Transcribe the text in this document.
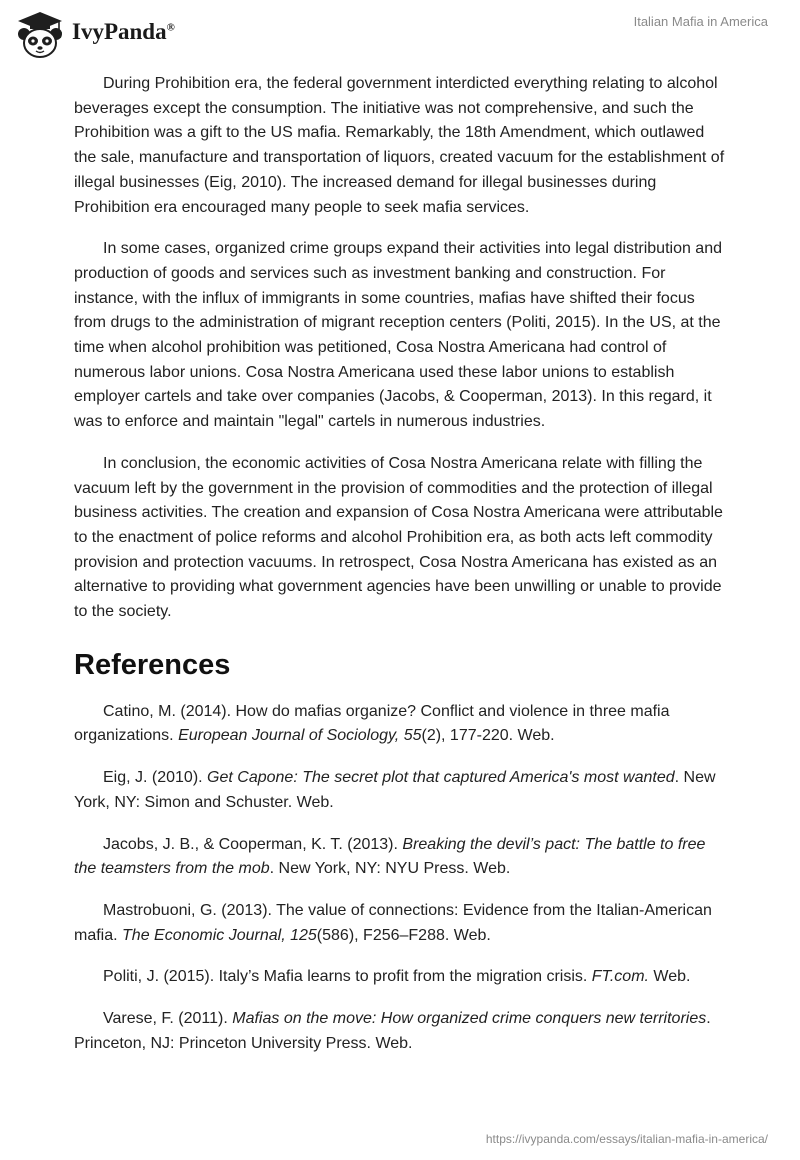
IvyPanda®	Italian Mafia in America

During Prohibition era, the federal government interdicted everything relating to alcohol beverages except the consumption. The initiative was not comprehensive, and such the Prohibition was a gift to the US mafia. Remarkably, the 18th Amendment, which outlawed the sale, manufacture and transportation of liquors, created vacuum for the establishment of illegal businesses (Eig, 2010). The increased demand for illegal businesses during Prohibition era encouraged many people to seek mafia services.

In some cases, organized crime groups expand their activities into legal distribution and production of goods and services such as investment banking and construction. For instance, with the influx of immigrants in some countries, mafias have shifted their focus from drugs to the administration of migrant reception centers (Politi, 2015). In the US, at the time when alcohol prohibition was petitioned, Cosa Nostra Americana had control of numerous labor unions. Cosa Nostra Americana used these labor unions to establish employer cartels and take over companies (Jacobs, & Cooperman, 2013). In this regard, it was to enforce and maintain "legal" cartels in numerous industries.

In conclusion, the economic activities of Cosa Nostra Americana relate with filling the vacuum left by the government in the provision of commodities and the protection of illegal business activities. The creation and expansion of Cosa Nostra Americana were attributable to the enactment of police reforms and alcohol Prohibition era, as both acts left commodity provision and protection vacuums. In retrospect, Cosa Nostra Americana has existed as an alternative to providing what government agencies have been unwilling or unable to provide to the society.

References

Catino, M. (2014). How do mafias organize? Conflict and violence in three mafia organizations. European Journal of Sociology, 55(2), 177-220. Web.

Eig, J. (2010). Get Capone: The secret plot that captured America's most wanted. New York, NY: Simon and Schuster. Web.

Jacobs, J. B., & Cooperman, K. T. (2013). Breaking the devil’s pact: The battle to free the teamsters from the mob. New York, NY: NYU Press. Web.

Mastrobuoni, G. (2013). The value of connections: Evidence from the Italian-American mafia. The Economic Journal, 125(586), F256–F288. Web.

Politi, J. (2015). Italy’s Mafia learns to profit from the migration crisis. FT.com. Web.

Varese, F. (2011). Mafias on the move: How organized crime conquers new territories. Princeton, NJ: Princeton University Press. Web.

https://ivypanda.com/essays/italian-mafia-in-america/
